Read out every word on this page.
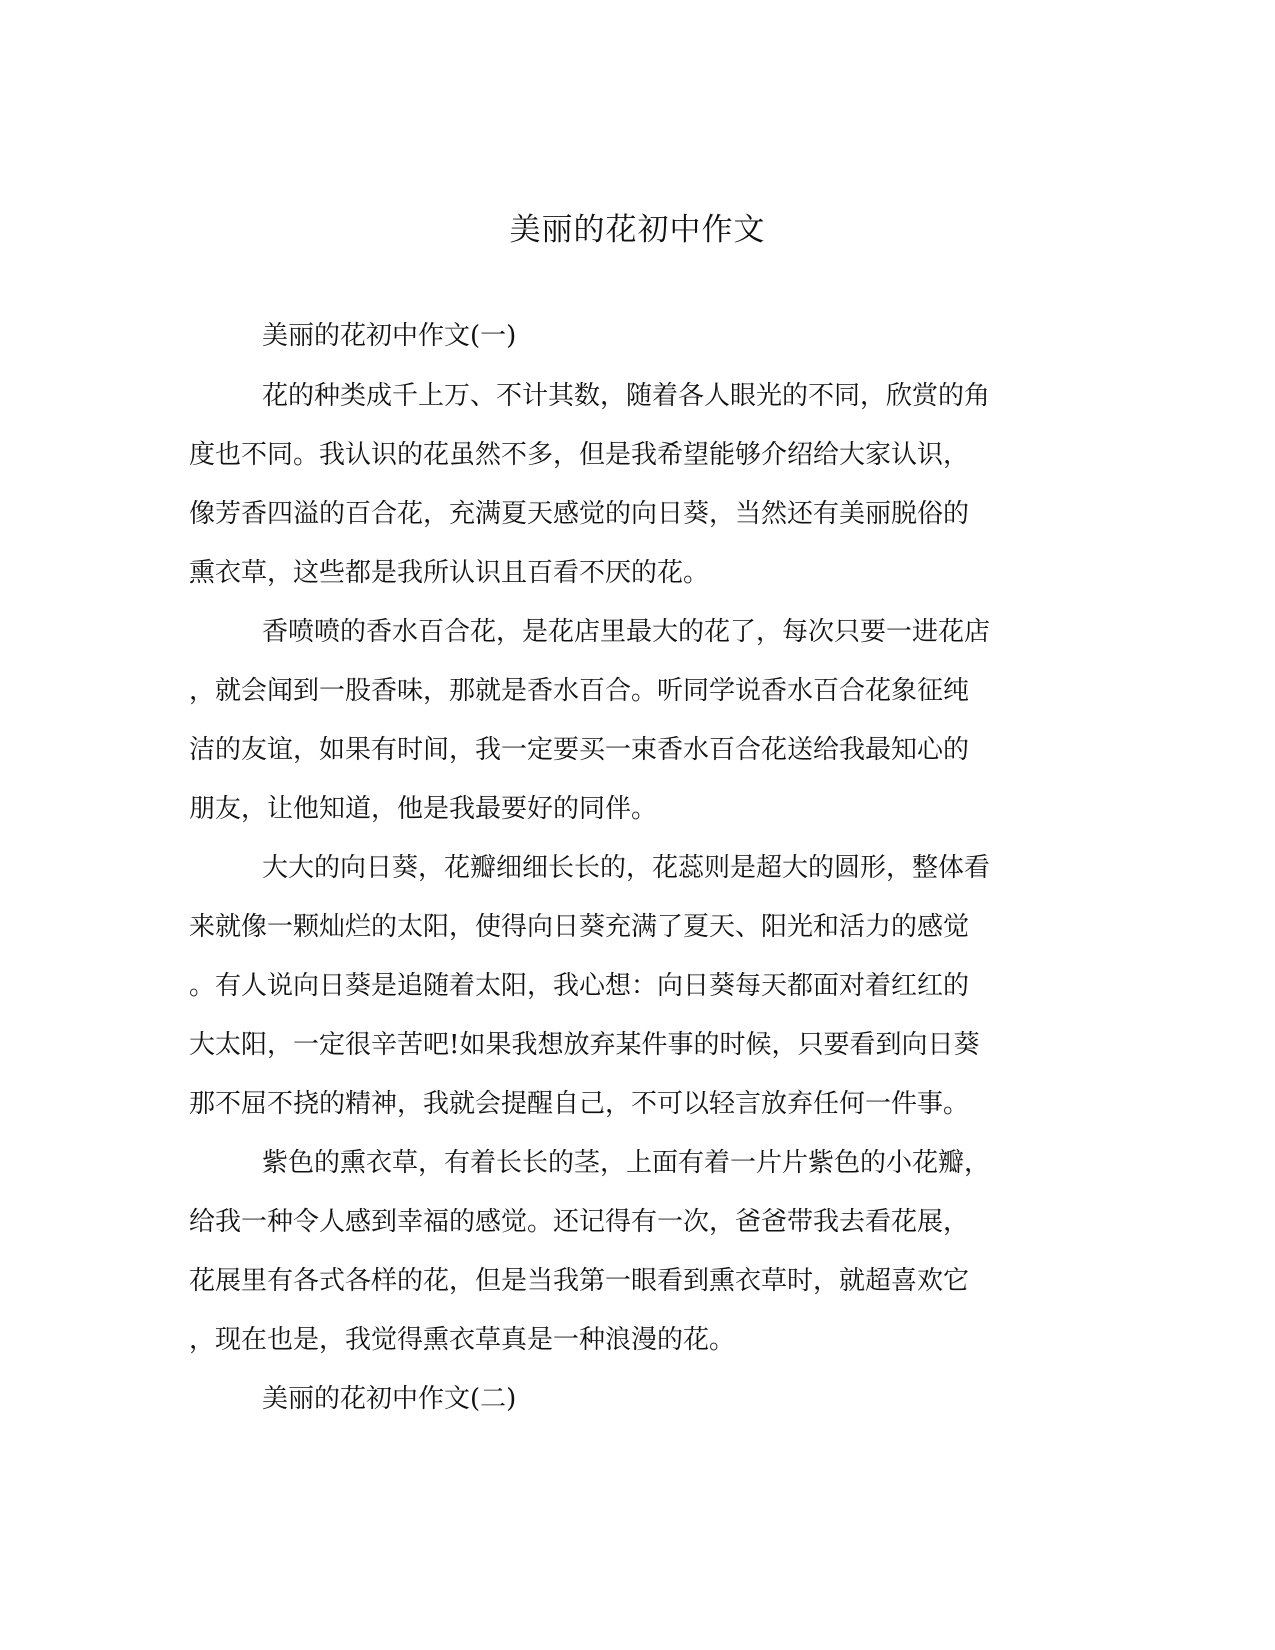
美丽的花初中作文

美丽的花初中作文(一)

花的种类成千上万、不计其数，随着各人眼光的不同，欣赏的角

度也不同。我认识的花虽然不多，但是我希望能够介绍给大家认识，

像芳香四溢的百合花，充满夏天感觉的向日葵，当然还有美丽脱俗的

熏衣草，这些都是我所认识且百看不厌的花。

香喷喷的香水百合花，是花店里最大的花了，每次只要一进花店

，就会闻到一股香味，那就是香水百合。听同学说香水百合花象征纯

洁的友谊，如果有时间，我一定要买一束香水百合花送给我最知心的

朋友，让他知道，他是我最要好的同伴。

大大的向日葵，花瓣细细长长的，花蕊则是超大的圆形，整体看

来就像一颗灿烂的太阳，使得向日葵充满了夏天、阳光和活力的感觉

。有人说向日葵是追随着太阳，我心想：向日葵每天都面对着红红的

大太阳，一定很辛苦吧!如果我想放弃某件事的时候，只要看到向日葵

那不屈不挠的精神，我就会提醒自己，不可以轻言放弃任何一件事。

紫色的熏衣草，有着长长的茎，上面有着一片片紫色的小花瓣，

给我一种令人感到幸福的感觉。还记得有一次，爸爸带我去看花展，

花展里有各式各样的花，但是当我第一眼看到熏衣草时，就超喜欢它

，现在也是，我觉得熏衣草真是一种浪漫的花。

美丽的花初中作文(二)
